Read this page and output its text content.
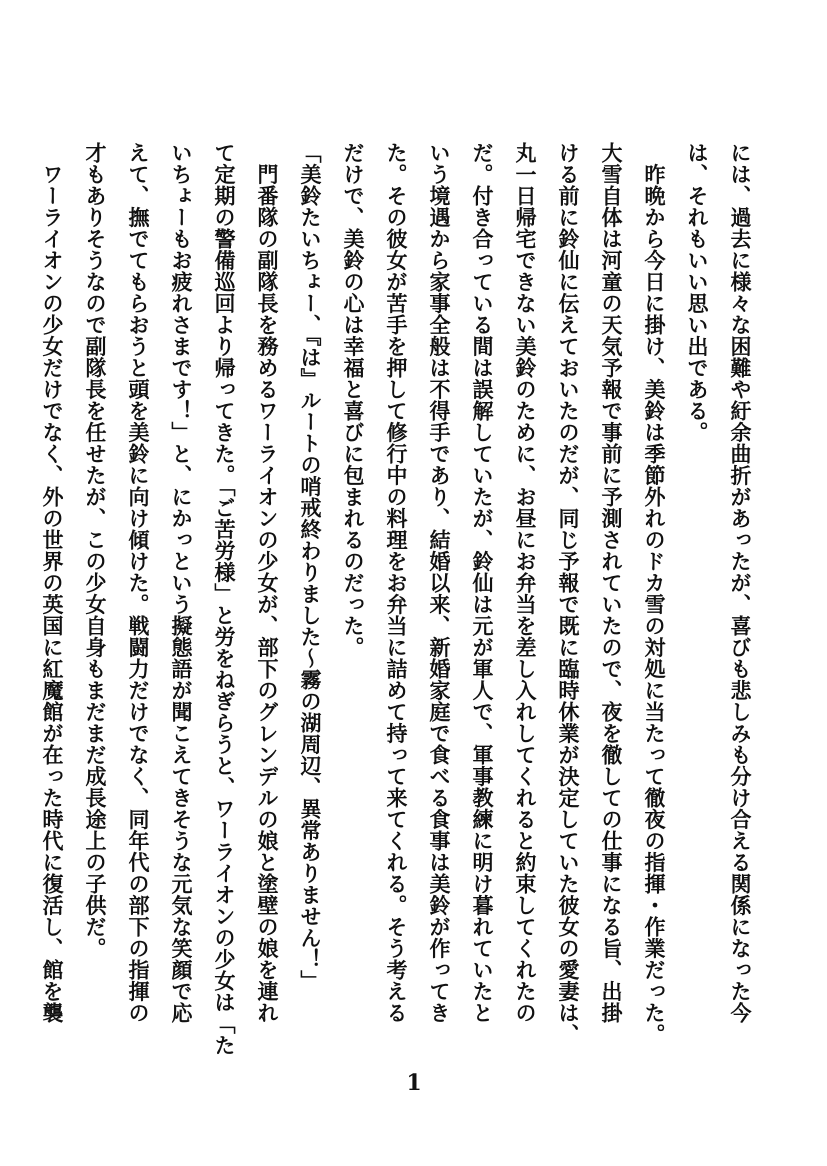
には、過去に様々な困難や紆余曲折があったが、喜びも悲しみも分け合える関係になった今
は、それもいい思い出である。
　昨晩から今日に掛け、美鈴は季節外れのドカ雪の対処に当たって徹夜の指揮・作業だった。
大雪自体は河童の天気予報で事前に予測されていたので、夜を徹しての仕事になる旨、出掛
ける前に鈴仙に伝えておいたのだが、同じ予報で既に臨時休業が決定していた彼女の愛妻は、
丸一日帰宅できない美鈴のために、お昼にお弁当を差し入れしてくれると約束してくれたの
だ。付き合っている間は誤解していたが、鈴仙は元が軍人で、軍事教練に明け暮れていたと
いう境遇から家事全般は不得手であり、結婚以来、新婚家庭で食べる食事は美鈴が作ってき
た。その彼女が苦手を押して修行中の料理をお弁当に詰めて持って来てくれる。そう考える
だけで、美鈴の心は幸福と喜びに包まれるのだった。
「美鈴たいちょー、『は』ルートの哨戒終わりました～霧の湖周辺、異常ありません！」
　門番隊の副隊長を務めるワーライオンの少女が、部下のグレンデルの娘と塗壁の娘を連れ
て定期の警備巡回より帰ってきた。「ご苦労様」と労をねぎらうと、ワーライオンの少女は「た
いちょーもお疲れさまです！」と、にかっという擬態語が聞こえてきそうな元気な笑顔で応
えて、撫でてもらおうと頭を美鈴に向け傾けた。戦闘力だけでなく、同年代の部下の指揮の
才もありそうなので副隊長を任せたが、この少女自身もまだまだ成長途上の子供だ。
　ワーライオンの少女だけでなく、外の世界の英国に紅魔館が在った時代に復活し、館を襲
1
